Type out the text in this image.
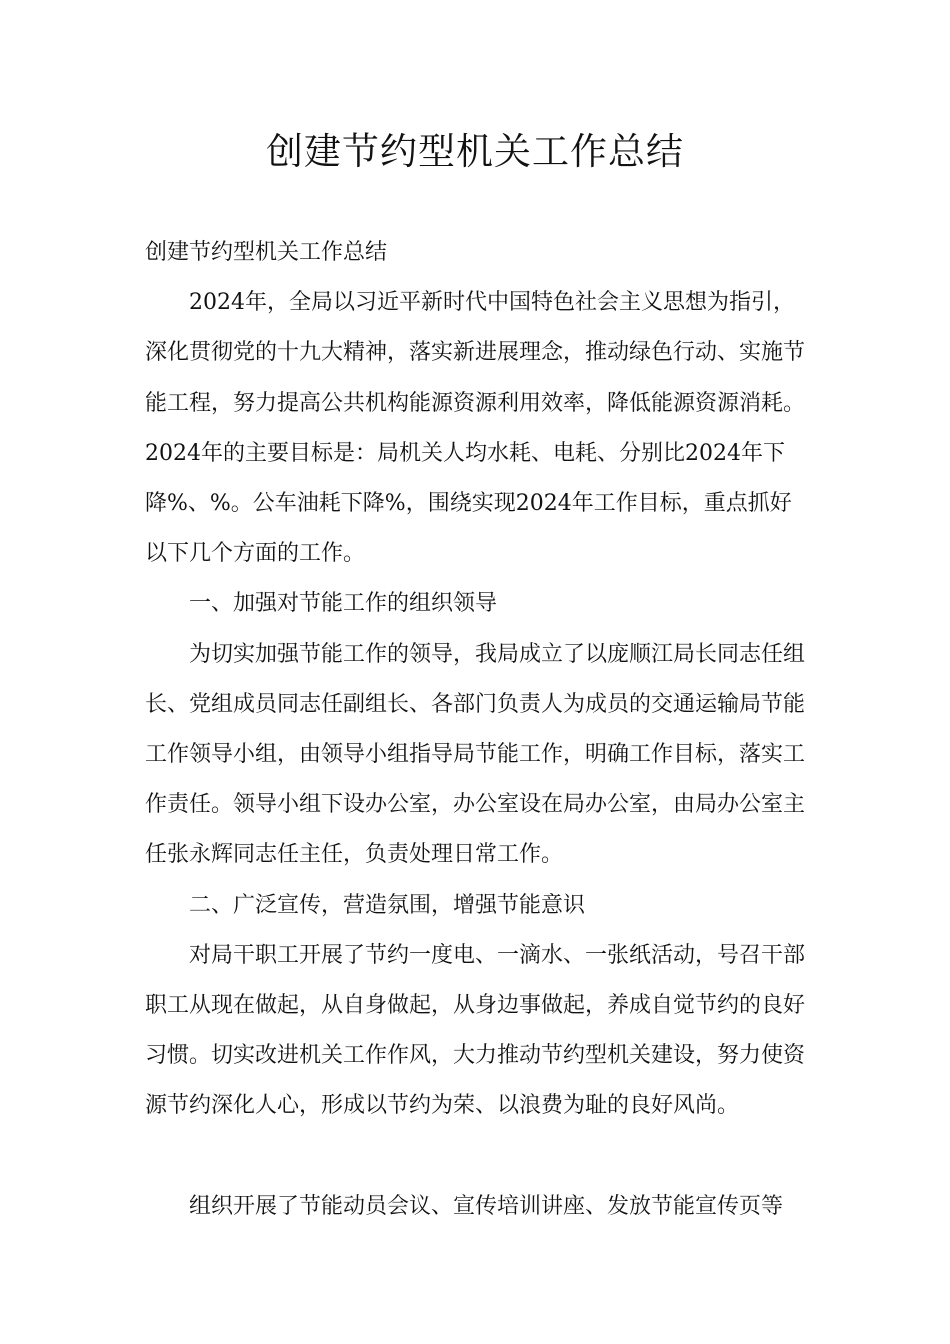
创建节约型机关工作总结

创建节约型机关工作总结

2024年，全局以习近平新时代中国特色社会主义思想为指引，深化贯彻党的十九大精神，落实新进展理念，推动绿色行动、实施节能工程，努力提高公共机构能源资源利用效率，降低能源资源消耗。2024年的主要目标是：局机关人均水耗、电耗、分别比2024年下降%、%。公车油耗下降%，围绕实现2024年工作目标，重点抓好以下几个方面的工作。

一、加强对节能工作的组织领导

为切实加强节能工作的领导，我局成立了以庞顺江局长同志任组长、党组成员同志任副组长、各部门负责人为成员的交通运输局节能工作领导小组，由领导小组指导局节能工作，明确工作目标，落实工作责任。领导小组下设办公室，办公室设在局办公室，由局办公室主任张永辉同志任主任，负责处理日常工作。

二、广泛宣传，营造氛围，增强节能意识

对局干职工开展了节约一度电、一滴水、一张纸活动，号召干部职工从现在做起，从自身做起，从身边事做起，养成自觉节约的良好习惯。切实改进机关工作作风，大力推动节约型机关建设，努力使资源节约深化人心，形成以节约为荣、以浪费为耻的良好风尚。

组织开展了节能动员会议、宣传培训讲座、发放节能宣传页等
